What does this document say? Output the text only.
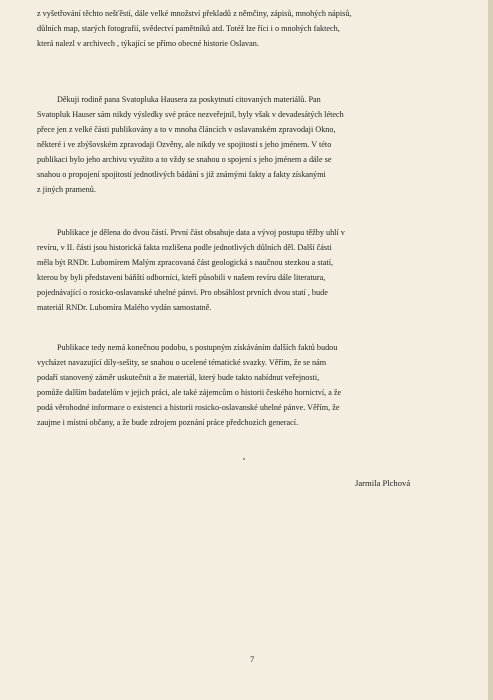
z vyšetřování těchto nešťěstí, dále velké množství překladů z němčiny, zápisů, mnohých nápisů,
důlních map, starých fotografií, svědectví pamětníků atd. Totéž lze říci i o mnohých faktech,
která nalezl v archivech , týkající se přímo obecné historie Oslavan.
Děkuji rodině pana Svatopluka Hausera za poskytnutí citovaných materiálů. Pan
Svatopluk Hauser sám nikdy výsledky své práce nezveřejnil, byly však v devadesátých létech
přece jen z velké části publikovány a to v mnoha článcích v oslavanském zpravodaji Okno,
některé i ve zbýšovském zpravodaji Ozvěny, ale nikdy ve spojitosti s jeho jménem. V této
publikaci bylo jeho archivu využito a to vždy se snahou o spojení s jeho jménem a dále se
snahou o propojení spojitostí jednotlivých bádání s již známými fakty a fakty získanými
z jiných pramenů.
Publikace je dělena do dvou částí. První část obsahuje data a vývoj postupu těžby uhlí v
revíru, v II. části jsou historická fakta rozlišena podle jednotlivých důlních děl. Další části
měla být RNDr. Lubomírem Malým zpracovaná část geologická s naučnou stezkou a statí,
kterou by byli představeni báňští odborníci, kteří působili v našem revíru dále literatura,
pojednávající o rosicko-oslavanské uhelné pánvi. Pro obsáhlost prvních dvou statí , bude
materiál RNDr. Lubomíra Malého vydán samostatně.
Publikace tedy nemá konečnou podobu, s postupným získáváním dalších faktů budou
vycházet navazující díly-sešity, se snahou o ucelené tématické svazky. Věřím, že se nám
podaří stanovený záměr uskutečnit a že materiál, který bude takto nabídnut veřejnosti,
pomůže dalším badatelům v jejich práci, ale také zájemcům o historii českého hornictví, a že
podá věrohodné informace o existenci a historii rosicko-oslavanské uhelné pánve. Věřím, že
zaujme i místní občany, a že bude zdrojem poznání práce předchozích generací.
Jarmila Plchová
7
